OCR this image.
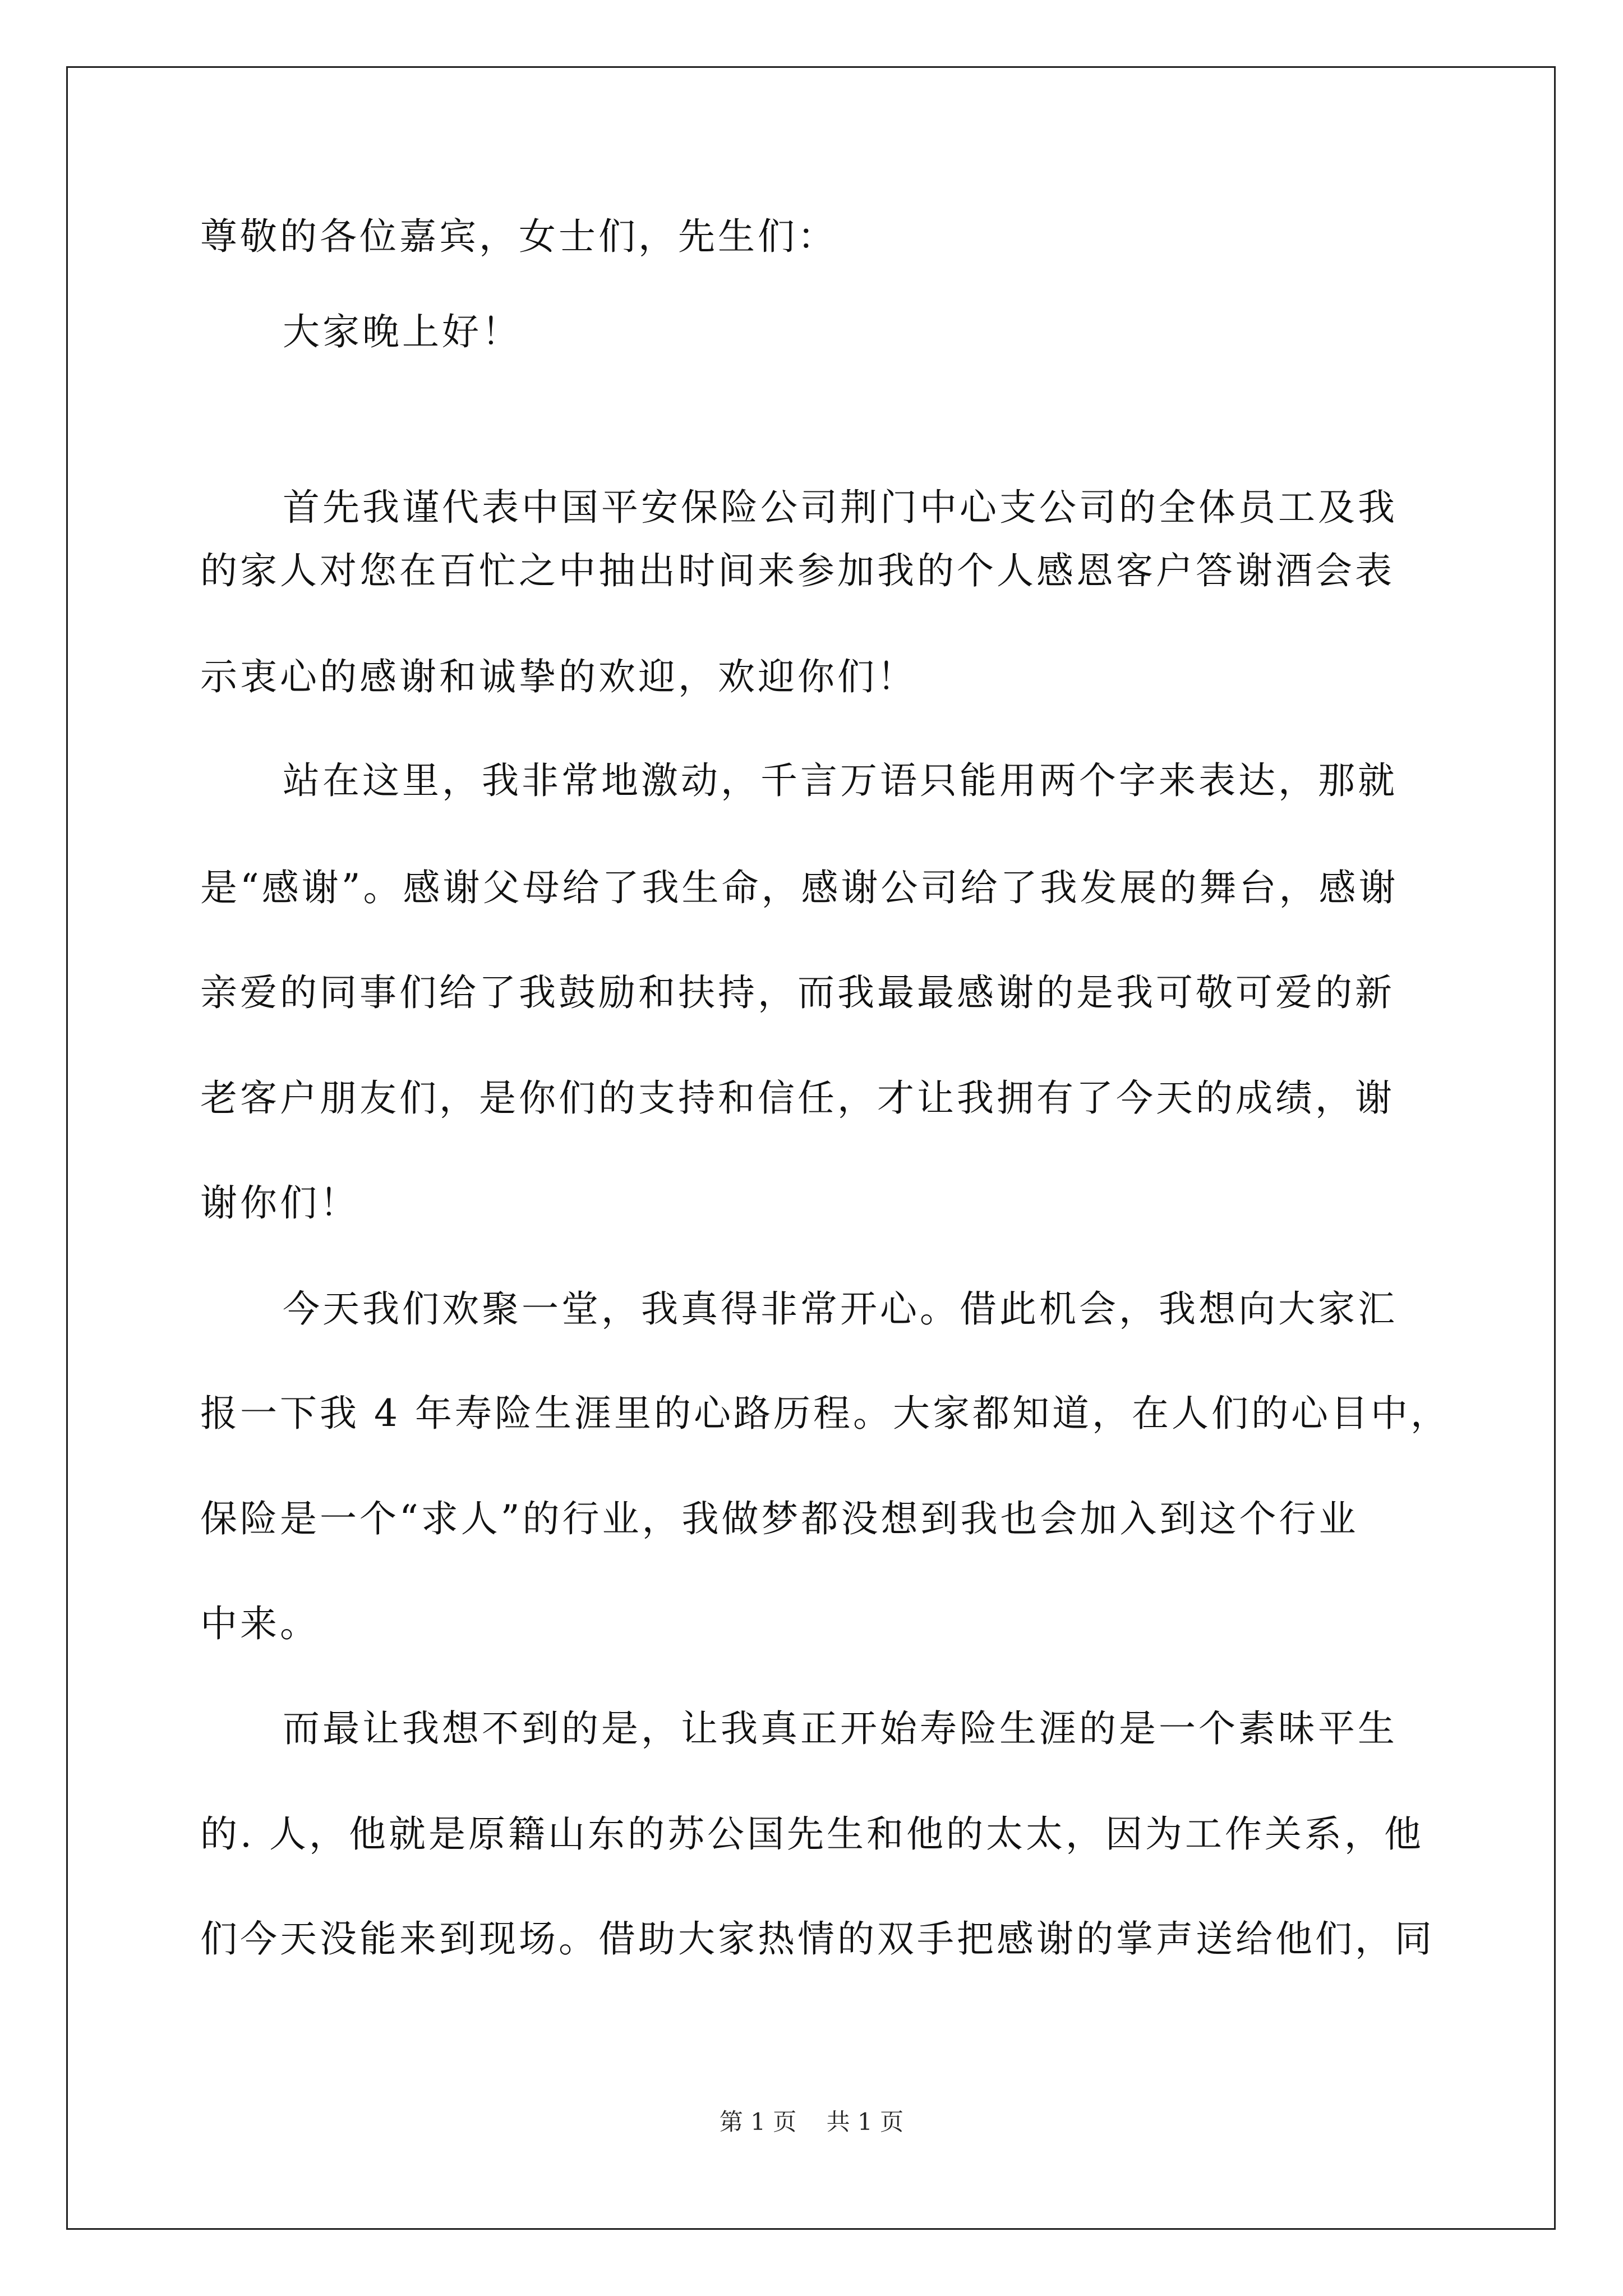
尊敬的各位嘉宾，女士们，先生们：
大家晚上好！
首先我谨代表中国平安保险公司荆门中心支公司的全体员工及我
的家人对您在百忙之中抽出时间来参加我的个人感恩客户答谢酒会表
示衷心的感谢和诚挚的欢迎，欢迎你们！
站在这里，我非常地激动，千言万语只能用两个字来表达，那就
是“感谢”。感谢父母给了我生命，感谢公司给了我发展的舞台，感谢
亲爱的同事们给了我鼓励和扶持，而我最最感谢的是我可敬可爱的新
老客户朋友们，是你们的支持和信任，才让我拥有了今天的成绩，谢
谢你们！
今天我们欢聚一堂，我真得非常开心。借此机会，我想向大家汇
报一下我 4 年寿险生涯里的心路历程。大家都知道，在人们的心目中，
保险是一个“求人”的行业，我做梦都没想到我也会加入到这个行业
中来。
而最让我想不到的是，让我真正开始寿险生涯的是一个素昧平生
的. 人，他就是原籍山东的苏公国先生和他的太太，因为工作关系，他
们今天没能来到现场。借助大家热情的双手把感谢的掌声送给他们，同
第 1 页 共 1 页
